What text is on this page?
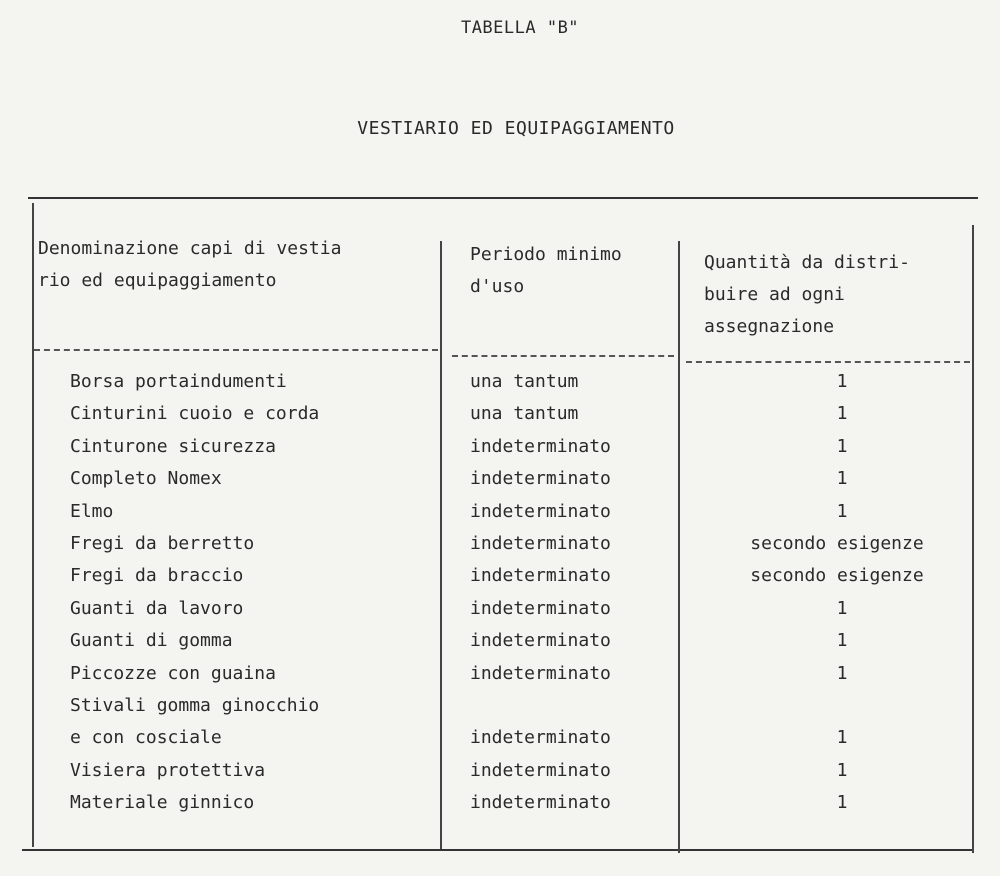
TABELLA "B"
VESTIARIO ED EQUIPAGGIAMENTO
Denominazione capi di vestia
rio ed equipaggiamento
Periodo minimo
d'uso
Quantità da distri-
buire ad ogni
assegnazione
Borsa portaindumenti
Cinturini cuoio e corda
Cinturone sicurezza
Completo Nomex
Elmo
Fregi da berretto
Fregi da braccio
Guanti da lavoro
Guanti di gomma
Piccozze con guaina
Stivali gomma ginocchio
e con cosciale
Visiera protettiva
Materiale ginnico
una tantum
una tantum
indeterminato
indeterminato
indeterminato
indeterminato
indeterminato
indeterminato
indeterminato
indeterminato
indeterminato
indeterminato
indeterminato
1
1
1
1
1
secondo esigenze
secondo esigenze
1
1
1
1
1
1
